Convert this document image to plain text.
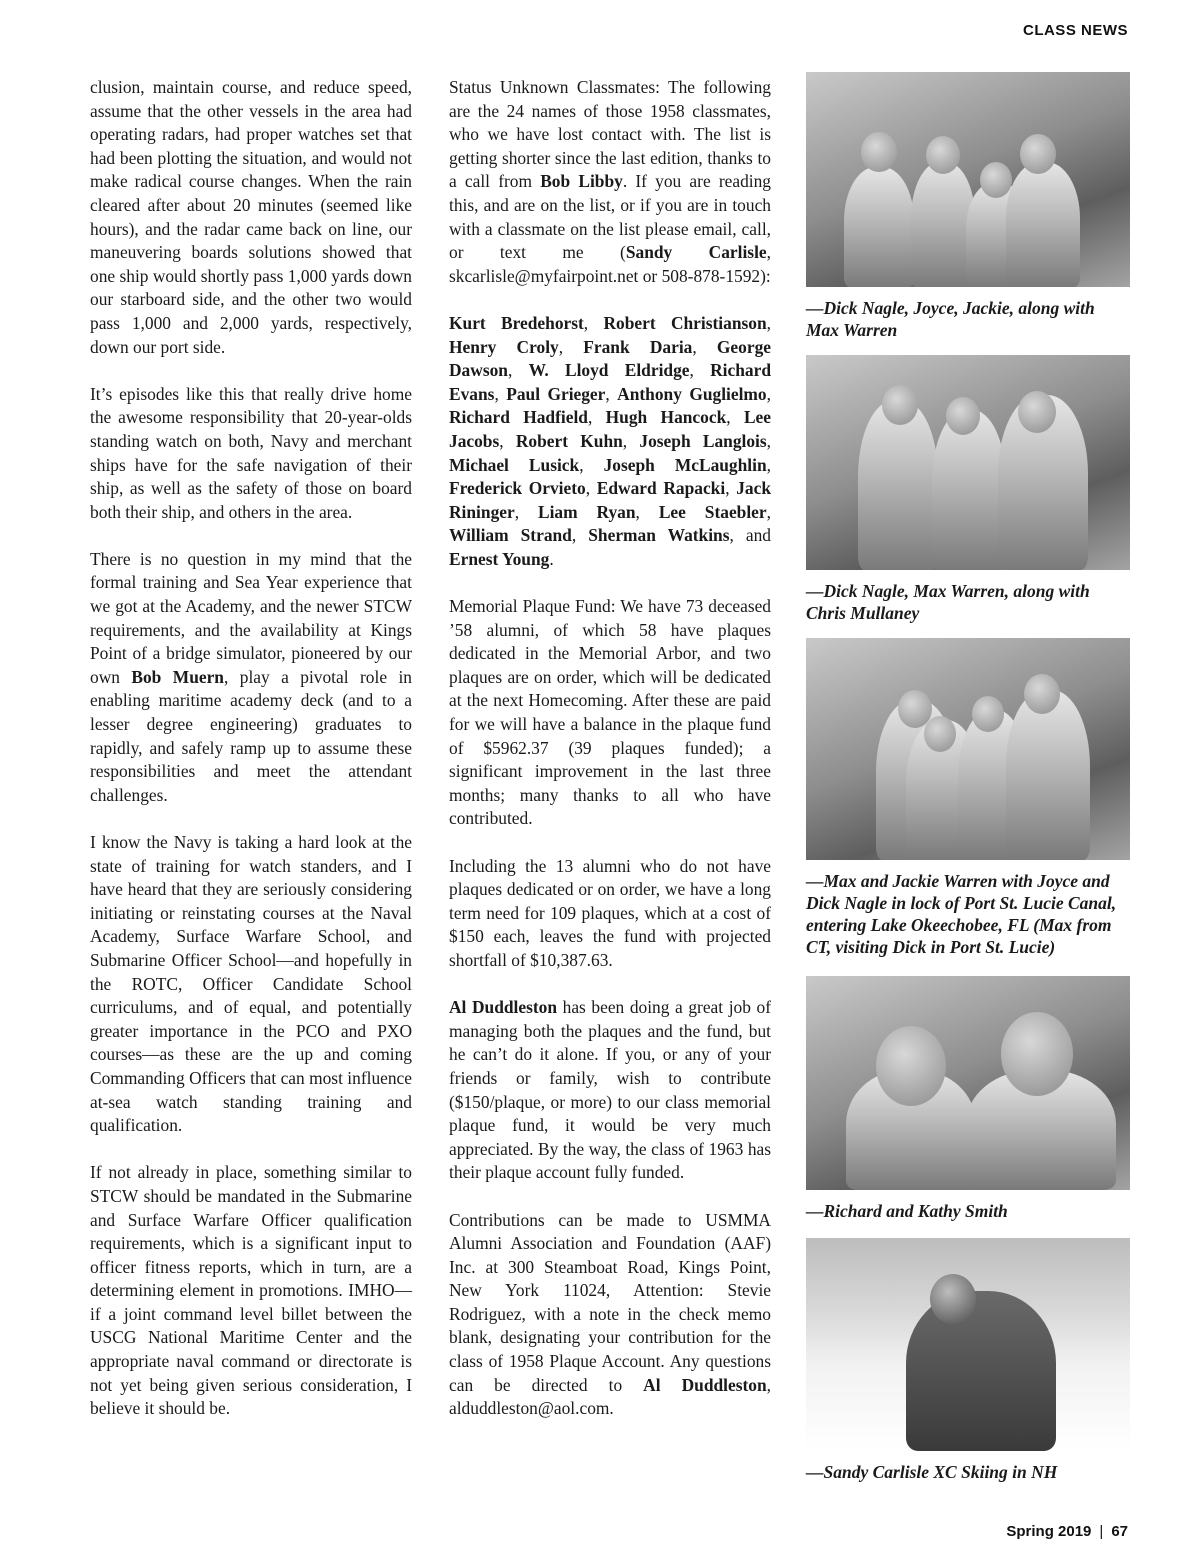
CLASS NEWS

clusion, maintain course, and reduce speed, assume that the other vessels in the area had operating radars, had proper watches set that had been plotting the situation, and would not make radical course changes. When the rain cleared after about 20 minutes (seemed like hours), and the radar came back on line, our maneuvering boards solutions showed that one ship would shortly pass 1,000 yards down our starboard side, and the other two would pass 1,000 and 2,000 yards, respectively, down our port side.

It’s episodes like this that really drive home the awesome responsibility that 20-year-olds standing watch on both, Navy and merchant ships have for the safe navigation of their ship, as well as the safety of those on board both their ship, and others in the area.

There is no question in my mind that the formal training and Sea Year experience that we got at the Academy, and the newer STCW requirements, and the availability at Kings Point of a bridge simulator, pioneered by our own Bob Muern, play a pivotal role in enabling maritime academy deck (and to a lesser degree engineering) graduates to rapidly, and safely ramp up to assume these responsibilities and meet the attendant challenges.

I know the Navy is taking a hard look at the state of training for watch standers, and I have heard that they are seriously considering initiating or reinstating courses at the Naval Academy, Surface Warfare School, and Submarine Officer School—and hopefully in the ROTC, Officer Candidate School curriculums, and of equal, and potentially greater importance in the PCO and PXO courses—as these are the up and coming Commanding Officers that can most influence at-sea watch standing training and qualification.

If not already in place, something similar to STCW should be mandated in the Submarine and Surface Warfare Officer qualification requirements, which is a significant input to officer fitness reports, which in turn, are a determining element in promotions. IMHO—if a joint command level billet between the USCG National Maritime Center and the appropriate naval command or directorate is not yet being given serious consideration, I believe it should be.

Status Unknown Classmates: The following are the 24 names of those 1958 classmates, who we have lost contact with. The list is getting shorter since the last edition, thanks to a call from Bob Libby. If you are reading this, and are on the list, or if you are in touch with a classmate on the list please email, call, or text me (Sandy Carlisle, skcarlisle@myfairpoint.net or 508-878-1592):

Kurt Bredehorst, Robert Christianson, Henry Croly, Frank Daria, George Dawson, W. Lloyd Eldridge, Richard Evans, Paul Grieger, Anthony Guglielmo, Richard Hadfield, Hugh Hancock, Lee Jacobs, Robert Kuhn, Joseph Langlois, Michael Lusick, Joseph McLaughlin, Frederick Orvieto, Edward Rapacki, Jack Rininger, Liam Ryan, Lee Staebler, William Strand, Sherman Watkins, and Ernest Young.

Memorial Plaque Fund: We have 73 deceased ’58 alumni, of which 58 have plaques dedicated in the Memorial Arbor, and two plaques are on order, which will be dedicated at the next Homecoming. After these are paid for we will have a balance in the plaque fund of $5962.37 (39 plaques funded); a significant improvement in the last three months; many thanks to all who have contributed.

Including the 13 alumni who do not have plaques dedicated or on order, we have a long term need for 109 plaques, which at a cost of $150 each, leaves the fund with projected shortfall of $10,387.63.

Al Duddleston has been doing a great job of managing both the plaques and the fund, but he can’t do it alone. If you, or any of your friends or family, wish to contribute ($150/plaque, or more) to our class memorial plaque fund, it would be very much appreciated. By the way, the class of 1963 has their plaque account fully funded.

Contributions can be made to USMMA Alumni Association and Foundation (AAF) Inc. at 300 Steamboat Road, Kings Point, New York 11024, Attention: Stevie Rodriguez, with a note in the check memo blank, designating your contribution for the class of 1958 Plaque Account. Any questions can be directed to Al Duddleston, alduddleston@aol.com.

—Dick Nagle, Joyce, Jackie, along with Max Warren
—Dick Nagle, Max Warren, along with Chris Mullaney
—Max and Jackie Warren with Joyce and Dick Nagle in lock of Port St. Lucie Canal, entering Lake Okeechobee, FL (Max from CT, visiting Dick in Port St. Lucie)
—Richard and Kathy Smith
—Sandy Carlisle XC Skiing in NH
Spring 2019 | 67
